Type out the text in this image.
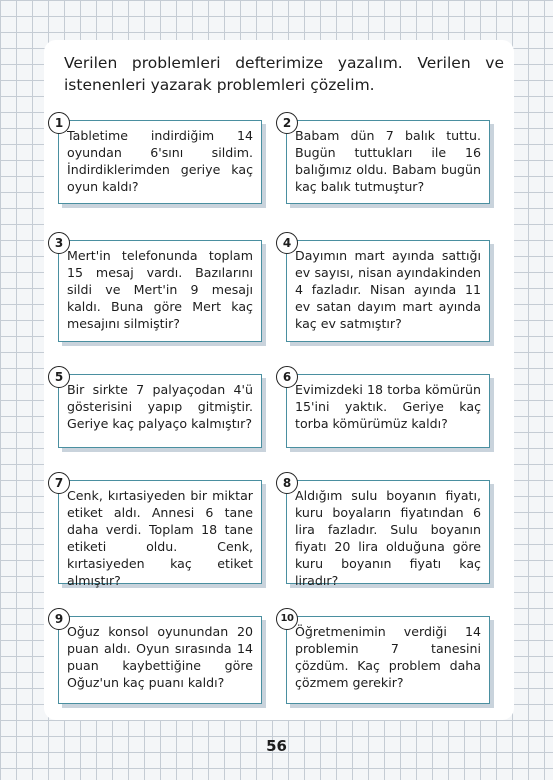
Verilen problemleri defterimize yazalım. Verilen ve istenenleri yazarak problemleri çözelim.

1

Tabletime indirdiğim 14 oyundan 6'sını sildim. İndirdiklerimden geriye kaç oyun kaldı?

2

Babam dün 7 balık tuttu. Bugün tuttukları ile 16 balığımız oldu. Babam bugün kaç balık tutmuştur?

3

Mert'in telefonunda toplam 15 mesaj vardı. Bazılarını sildi ve Mert'in 9 mesajı kaldı. Buna göre Mert kaç mesajını silmiştir?

4

Dayımın mart ayında sattığı ev sayısı, nisan ayındakinden 4 fazladır. Nisan ayında 11 ev satan dayım mart ayında kaç ev satmıştır?

5

Bir sirkte 7 palyaçodan 4'ü gösterisini yapıp gitmiştir. Geriye kaç palyaço kalmıştır?

6

Evimizdeki 18 torba kömürün 15'ini yaktık. Geriye kaç torba kömürümüz kaldı?

7

Cenk, kırtasiyeden bir miktar etiket aldı. Annesi 6 tane daha verdi. Toplam 18 tane etiketi oldu. Cenk, kırtasiyeden kaç etiket almıştır?

8

Aldığım sulu boyanın fiyatı, kuru boyaların fiyatından 6 lira fazladır. Sulu boyanın fiyatı 20 lira olduğuna göre kuru boyanın fiyatı kaç liradır?

9

Oğuz konsol oyunundan 20 puan aldı. Oyun sırasında 14 puan kaybettiğine göre Oğuz'un kaç puanı kaldı?

10

Öğretmenimin verdiği 14 problemin 7 tanesini çözdüm. Kaç problem daha çözmem gerekir?

56
